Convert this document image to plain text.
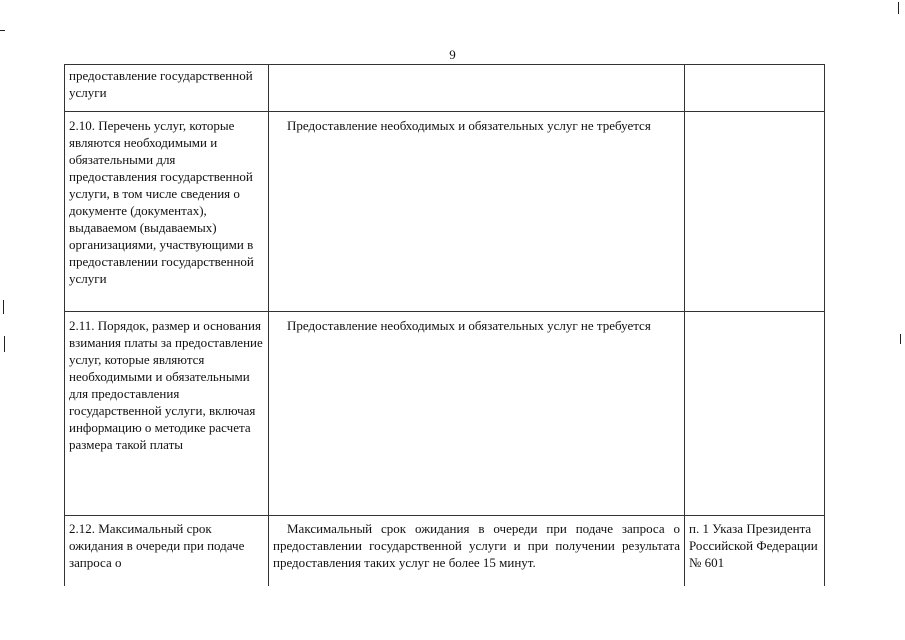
9
предоставление государственной услуги		
2.10. Перечень услуг, которые являются необходимыми и обязательными для предоставления государственной услуги, в том числе сведения о документе (документах), выдаваемом (выдаваемых) организациями, участвующими в предоставлении государственной услуги	Предоставление необходимых и обязательных услуг не требуется	
2.11. Порядок, размер и основания взимания платы за предоставление услуг, которые являются необходимыми и обязательными для предоставления государственной услуги, включая информацию о методике расчета размера такой платы	Предоставление необходимых и обязательных услуг не требуется	
2.12. Максимальный срок ожидания в очереди при подаче запроса о	Максимальный срок ожидания в очереди при подаче запроса о предоставлении государственной услуги и при получении результата предоставления таких услуг не более 15 минут.	п. 1 Указа Президента Российской Федерации № 601
